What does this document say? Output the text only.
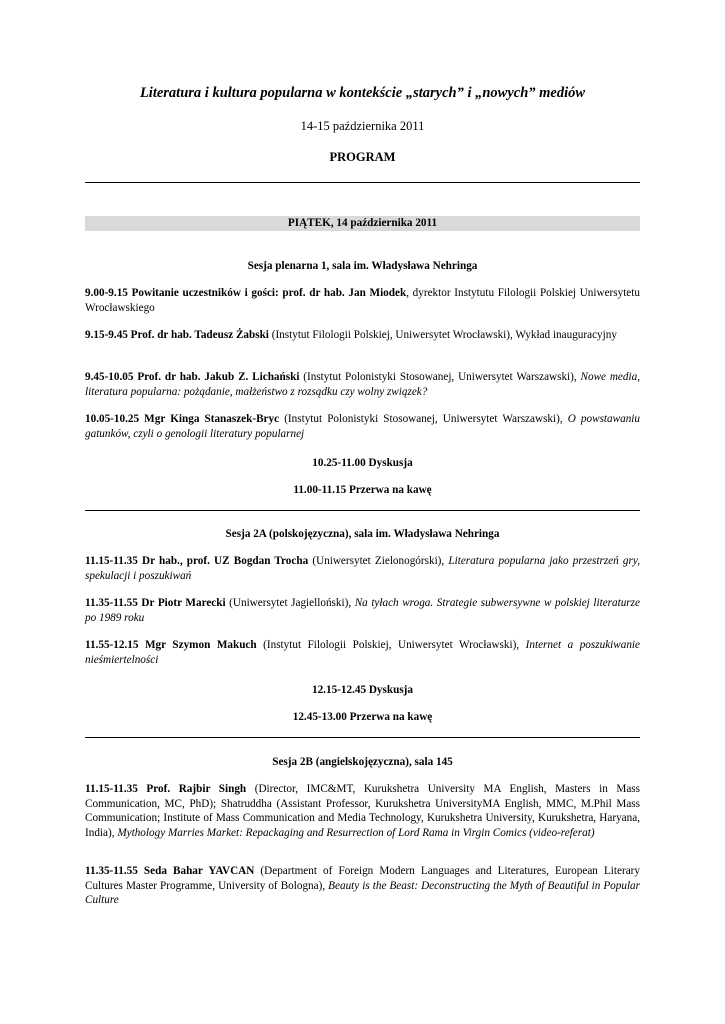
Literatura i kultura popularna w kontekście „starych” i „nowych” mediów
14-15 października 2011
PROGRAM
PIĄTEK, 14 października 2011
Sesja plenarna 1, sala im. Władysława Nehringa
9.00-9.15 Powitanie uczestników i gości: prof. dr hab. Jan Miodek, dyrektor Instytutu Filologii Polskiej Uniwersytetu Wrocławskiego
9.15-9.45 Prof. dr hab. Tadeusz Żabski (Instytut Filologii Polskiej, Uniwersytet Wrocławski), Wykład inauguracyjny
9.45-10.05 Prof. dr hab. Jakub Z. Lichański (Instytut Polonistyki Stosowanej, Uniwersytet Warszawski), Nowe media, literatura popularna: pożądanie, małżeństwo z rozsądku czy wolny związek?
10.05-10.25 Mgr Kinga Stanaszek-Bryc (Instytut Polonistyki Stosowanej, Uniwersytet Warszawski), O powstawaniu gatunków, czyli o genologii literatury popularnej
10.25-11.00 Dyskusja
11.00-11.15 Przerwa na kawę
Sesja 2A (polskojęzyczna), sala im. Władysława Nehringa
11.15-11.35 Dr hab., prof. UZ Bogdan Trocha (Uniwersytet Zielonogórski), Literatura popularna jako przestrzeń gry, spekulacji i poszukiwań
11.35-11.55 Dr Piotr Marecki (Uniwersytet Jagielloński), Na tyłach wroga. Strategie subwersywne w polskiej literaturze po 1989 roku
11.55-12.15 Mgr Szymon Makuch (Instytut Filologii Polskiej, Uniwersytet Wrocławski), Internet a poszukiwanie nieśmiertelności
12.15-12.45 Dyskusja
12.45-13.00 Przerwa na kawę
Sesja 2B (angielskojęzyczna), sala 145
11.15-11.35 Prof. Rajbir Singh (Director, IMC&MT, Kurukshetra University MA English, Masters in Mass Communication, MC, PhD); Shatruddha (Assistant Professor, Kurukshetra UniversityMA English, MMC, M.Phil Mass Communication; Institute of Mass Communication and Media Technology, Kurukshetra University, Kurukshetra, Haryana, India), Mythology Marries Market: Repackaging and Resurrection of Lord Rama in Virgin Comics (video-referat)
11.35-11.55 Seda Bahar YAVCAN (Department of Foreign Modern Languages and Literatures, European Literary Cultures Master Programme, University of Bologna), Beauty is the Beast: Deconstructing the Myth of Beautiful in Popular Culture
